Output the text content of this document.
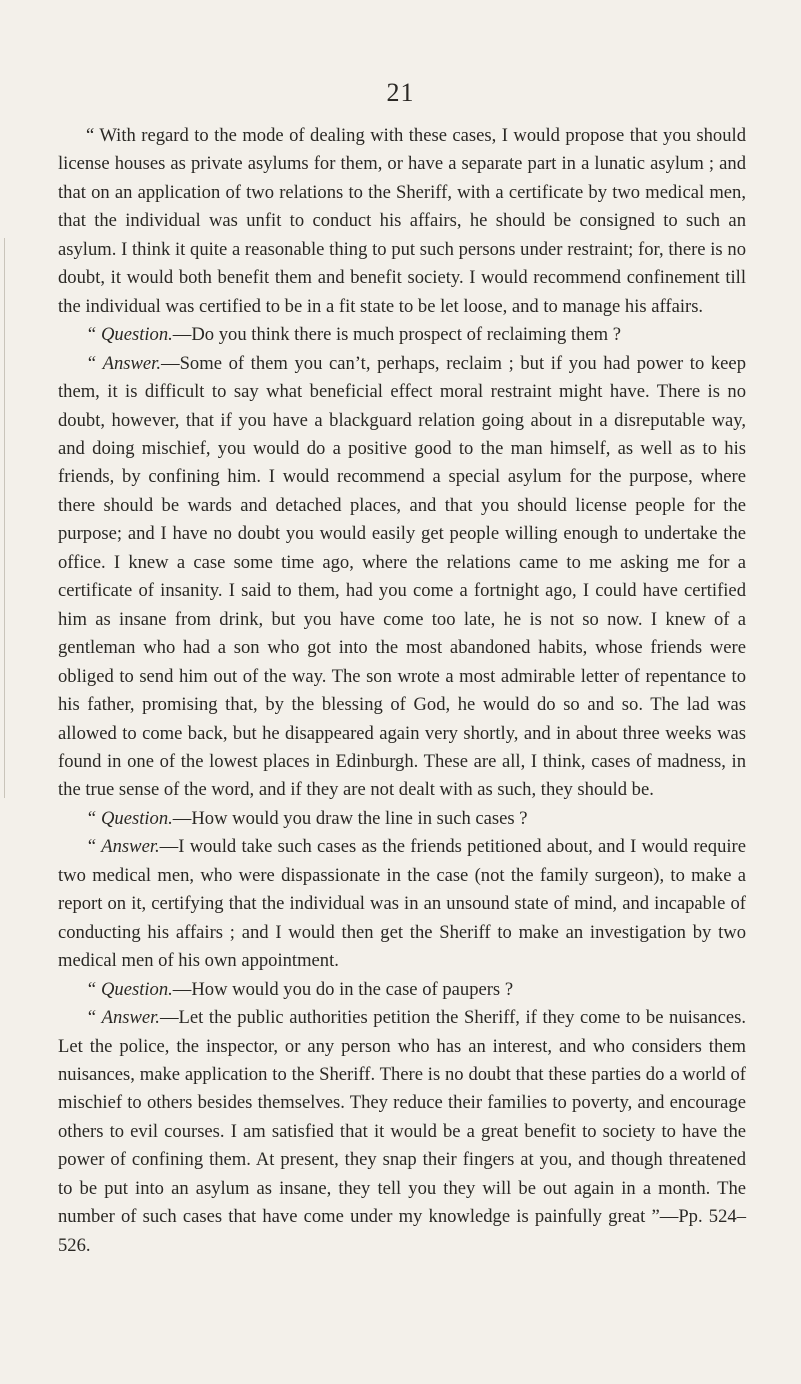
21

“ With regard to the mode of dealing with these cases, I would propose that you should license houses as private asylums for them, or have a separate part in a lunatic asylum ; and that on an application of two relations to the Sheriff, with a certificate by two medical men, that the individual was unfit to conduct his affairs, he should be consigned to such an asylum. I think it quite a reasonable thing to put such persons under restraint; for, there is no doubt, it would both benefit them and benefit society. I would recommend confinement till the individual was certified to be in a fit state to be let loose, and to manage his affairs.

“ Question.—Do you think there is much prospect of reclaiming them ?

“ Answer.—Some of them you can’t, perhaps, reclaim ; but if you had power to keep them, it is difficult to say what beneficial effect moral restraint might have. There is no doubt, however, that if you have a blackguard relation going about in a disreputable way, and doing mischief, you would do a positive good to the man himself, as well as to his friends, by confining him. I would recommend a special asylum for the purpose, where there should be wards and detached places, and that you should license people for the purpose; and I have no doubt you would easily get people willing enough to undertake the office. I knew a case some time ago, where the relations came to me asking me for a certificate of insanity. I said to them, had you come a fortnight ago, I could have certified him as insane from drink, but you have come too late, he is not so now. I knew of a gentleman who had a son who got into the most abandoned habits, whose friends were obliged to send him out of the way. The son wrote a most admirable letter of repentance to his father, promising that, by the blessing of God, he would do so and so. The lad was allowed to come back, but he disappeared again very shortly, and in about three weeks was found in one of the lowest places in Edinburgh. These are all, I think, cases of madness, in the true sense of the word, and if they are not dealt with as such, they should be.

“ Question.—How would you draw the line in such cases ?

“ Answer.—I would take such cases as the friends petitioned about, and I would require two medical men, who were dispassionate in the case (not the family surgeon), to make a report on it, certifying that the individual was in an unsound state of mind, and incapable of conducting his affairs ; and I would then get the Sheriff to make an investigation by two medical men of his own appointment.

“ Question.—How would you do in the case of paupers ?

“ Answer.—Let the public authorities petition the Sheriff, if they come to be nuisances. Let the police, the inspector, or any person who has an interest, and who considers them nuisances, make application to the Sheriff. There is no doubt that these parties do a world of mischief to others besides themselves. They reduce their families to poverty, and encourage others to evil courses. I am satisfied that it would be a great benefit to society to have the power of confining them. At present, they snap their fingers at you, and though threatened to be put into an asylum as insane, they tell you they will be out again in a month. The number of such cases that have come under my knowledge is painfully great ”—Pp. 524–526.
